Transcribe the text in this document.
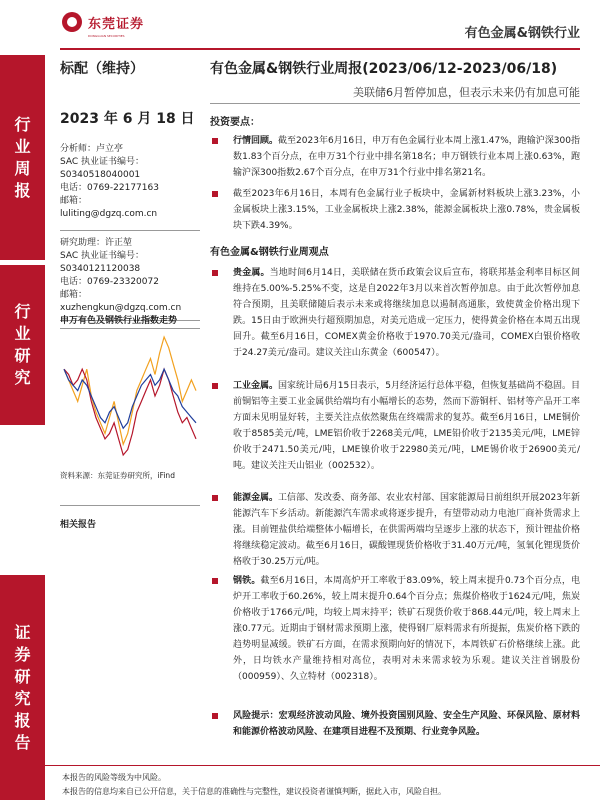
东莞证券
DONGGUAN SECURITIES	有色金属&钢铁行业
行
业
周
报
行
业
研
究
证
券
研
究
报
告
标配（维持）	有色金属&钢铁行业周报(2023/06/12-2023/06/18)
美联储6月暂停加息，但表示未来仍有加息可能
2023 年 6 月 18 日
分析师：卢立亭
SAC 执业证书编号：
S0340518040001
电话：0769-22177163
邮箱：
luliting@dgzq.com.cn
研究助理：许正堃
SAC 执业证书编号：
S0340121120038
电话：0769-23320072
邮箱：
xuzhengkun@dgzq.com.cn
申万有色及钢铁行业指数走势
资料来源：东莞证券研究所，iFind
相关报告
投资要点：
行情回顾。截至2023年6月16日，申万有色金属行业本周上涨1.47%，跑输沪深300指数1.83个百分点，在申万31个行业中排名第18名；申万钢铁行业本周上涨0.63%，跑输沪深300指数2.67个百分点，在申万31个行业中排名第21名。
截至2023年6月16日，本周有色金属行业子板块中，金属新材料板块上涨3.23%，小金属板块上涨3.15%，工业金属板块上涨2.38%，能源金属板块上涨0.78%，贵金属板块下跌4.39%。
有色金属&钢铁行业周观点
贵金属。当地时间6月14日，美联储在货币政策会议后宣布，将联邦基金利率目标区间维持在5.00%-5.25%不变，这是自2022年3月以来首次暂停加息。由于此次暂停加息符合预期，且美联储随后表示未来或将继续加息以遏制高通胀，致使黄金价格出现下跌。15日由于欧洲央行超预期加息，对美元造成一定压力，使得黄金价格在本周五出现回升。截至6月16日，COMEX黄金价格收于1970.70美元/盎司，COMEX白银价格收于24.27美元/盎司。建议关注山东黄金（600547）。
工业金属。国家统计局6月15日表示，5月经济运行总体平稳，但恢复基础尚不稳固。目前铜铝等主要工业金属供给端均有小幅增长的态势，然而下游铜杆、铝材等产品开工率方面未见明显好转，主要关注点依然聚焦在终端需求的复苏。截至6月16日，LME铜价收于8585美元/吨，LME铝价收于2268美元/吨，LME铅价收于2135美元/吨，LME锌价收于2471.50美元/吨，LME镍价收于22980美元/吨，LME锡价收于26900美元/吨。建议关注天山铝业（002532）。
能源金属。工信部、发改委、商务部、农业农村部、国家能源局日前组织开展2023年新能源汽车下乡活动。新能源汽车需求或将逐步提升，有望带动动力电池厂商补货需求上涨。目前锂盐供给端整体小幅增长，在供需两端均呈逐步上涨的状态下，预计锂盐价格将继续稳定波动。截至6月16日，碳酸锂现货价格收于31.40万元/吨，氢氧化锂现货价格收于30.25万元/吨。
钢铁。截至6月16日，本周高炉开工率收于83.09%，较上周末提升0.73个百分点，电炉开工率收于60.26%，较上周末提升0.64个百分点；焦煤价格收于1624元/吨，焦炭价格收于1766元/吨，均较上周末持平；铁矿石现货价收于868.44元/吨，较上周末上涨0.77元。近期由于钢材需求预期上涨，使得钢厂原料需求有所提振，焦炭价格下跌的趋势明显减缓。铁矿石方面，在需求预期向好的情况下，本周铁矿石价格继续上涨。此外，日均铁水产量维持相对高位，表明对未来需求较为乐观。建议关注首钢股份（000959）、久立特材（002318）。
风险提示：宏观经济波动风险、境外投资国别风险、安全生产风险、环保风险、原材料和能源价格波动风险、在建项目进程不及预期、行业竞争风险。
本报告的风险等级为中风险。
本报告的信息均来自已公开信息，关于信息的准确性与完整性，建议投资者谨慎判断，据此入市，风险自担。
